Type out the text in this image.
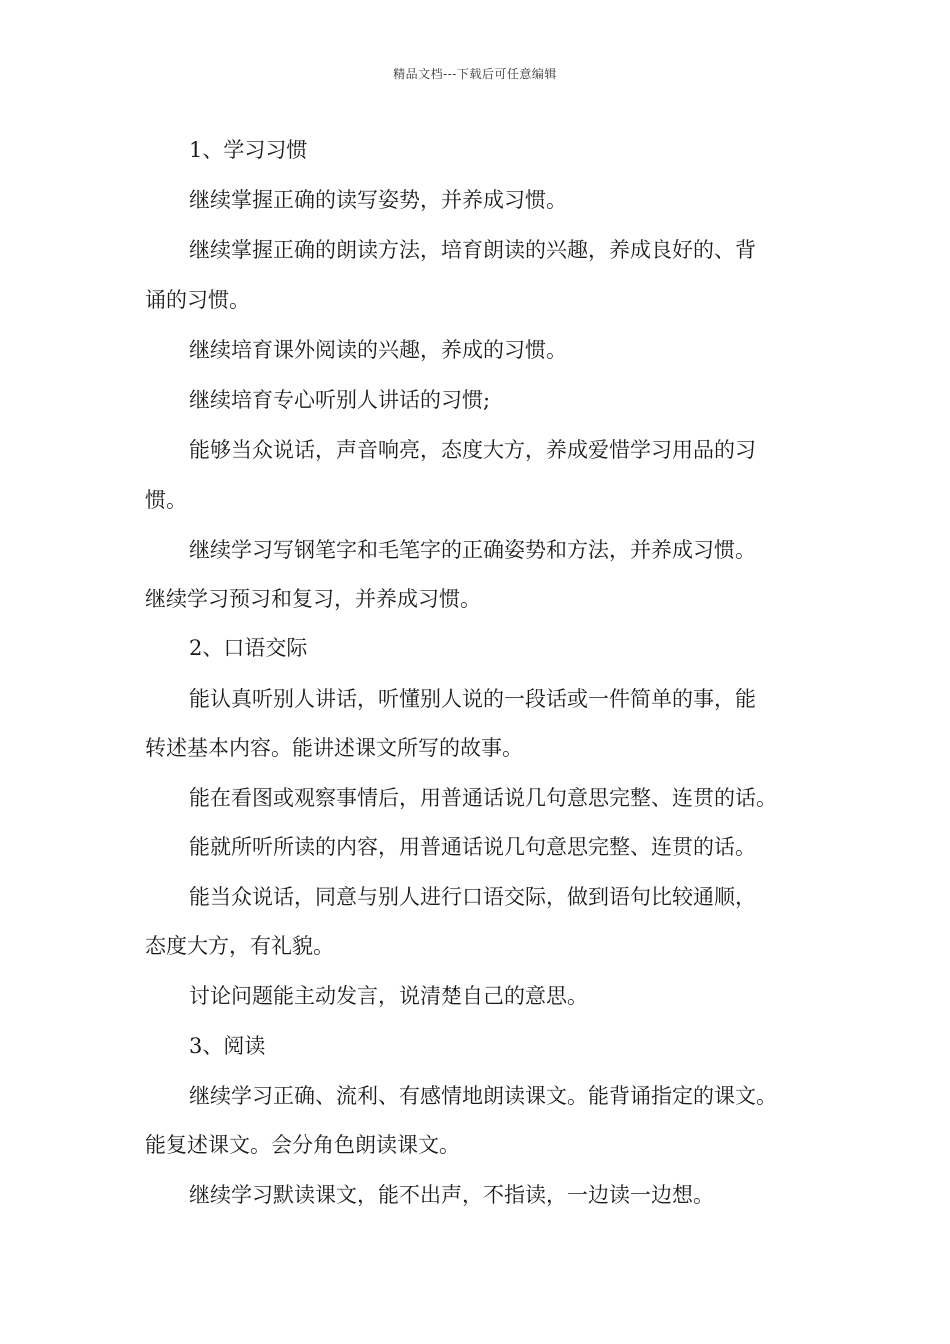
精品文档---下载后可任意编辑
1、学习习惯
继续掌握正确的读写姿势，并养成习惯。
继续掌握正确的朗读方法，培育朗读的兴趣，养成良好的、背
诵的习惯。
继续培育课外阅读的兴趣，养成的习惯。
继续培育专心听别人讲话的习惯;
能够当众说话，声音响亮，态度大方，养成爱惜学习用品的习
惯。
继续学习写钢笔字和毛笔字的正确姿势和方法，并养成习惯。
继续学习预习和复习，并养成习惯。
2、口语交际
能认真听别人讲话，听懂别人说的一段话或一件简单的事，能
转述基本内容。能讲述课文所写的故事。
能在看图或观察事情后，用普通话说几句意思完整、连贯的话。
能就所听所读的内容，用普通话说几句意思完整、连贯的话。
能当众说话，同意与别人进行口语交际，做到语句比较通顺，
态度大方，有礼貌。
讨论问题能主动发言，说清楚自己的意思。
3、阅读
继续学习正确、流利、有感情地朗读课文。能背诵指定的课文。
能复述课文。会分角色朗读课文。
继续学习默读课文，能不出声，不指读，一边读一边想。
